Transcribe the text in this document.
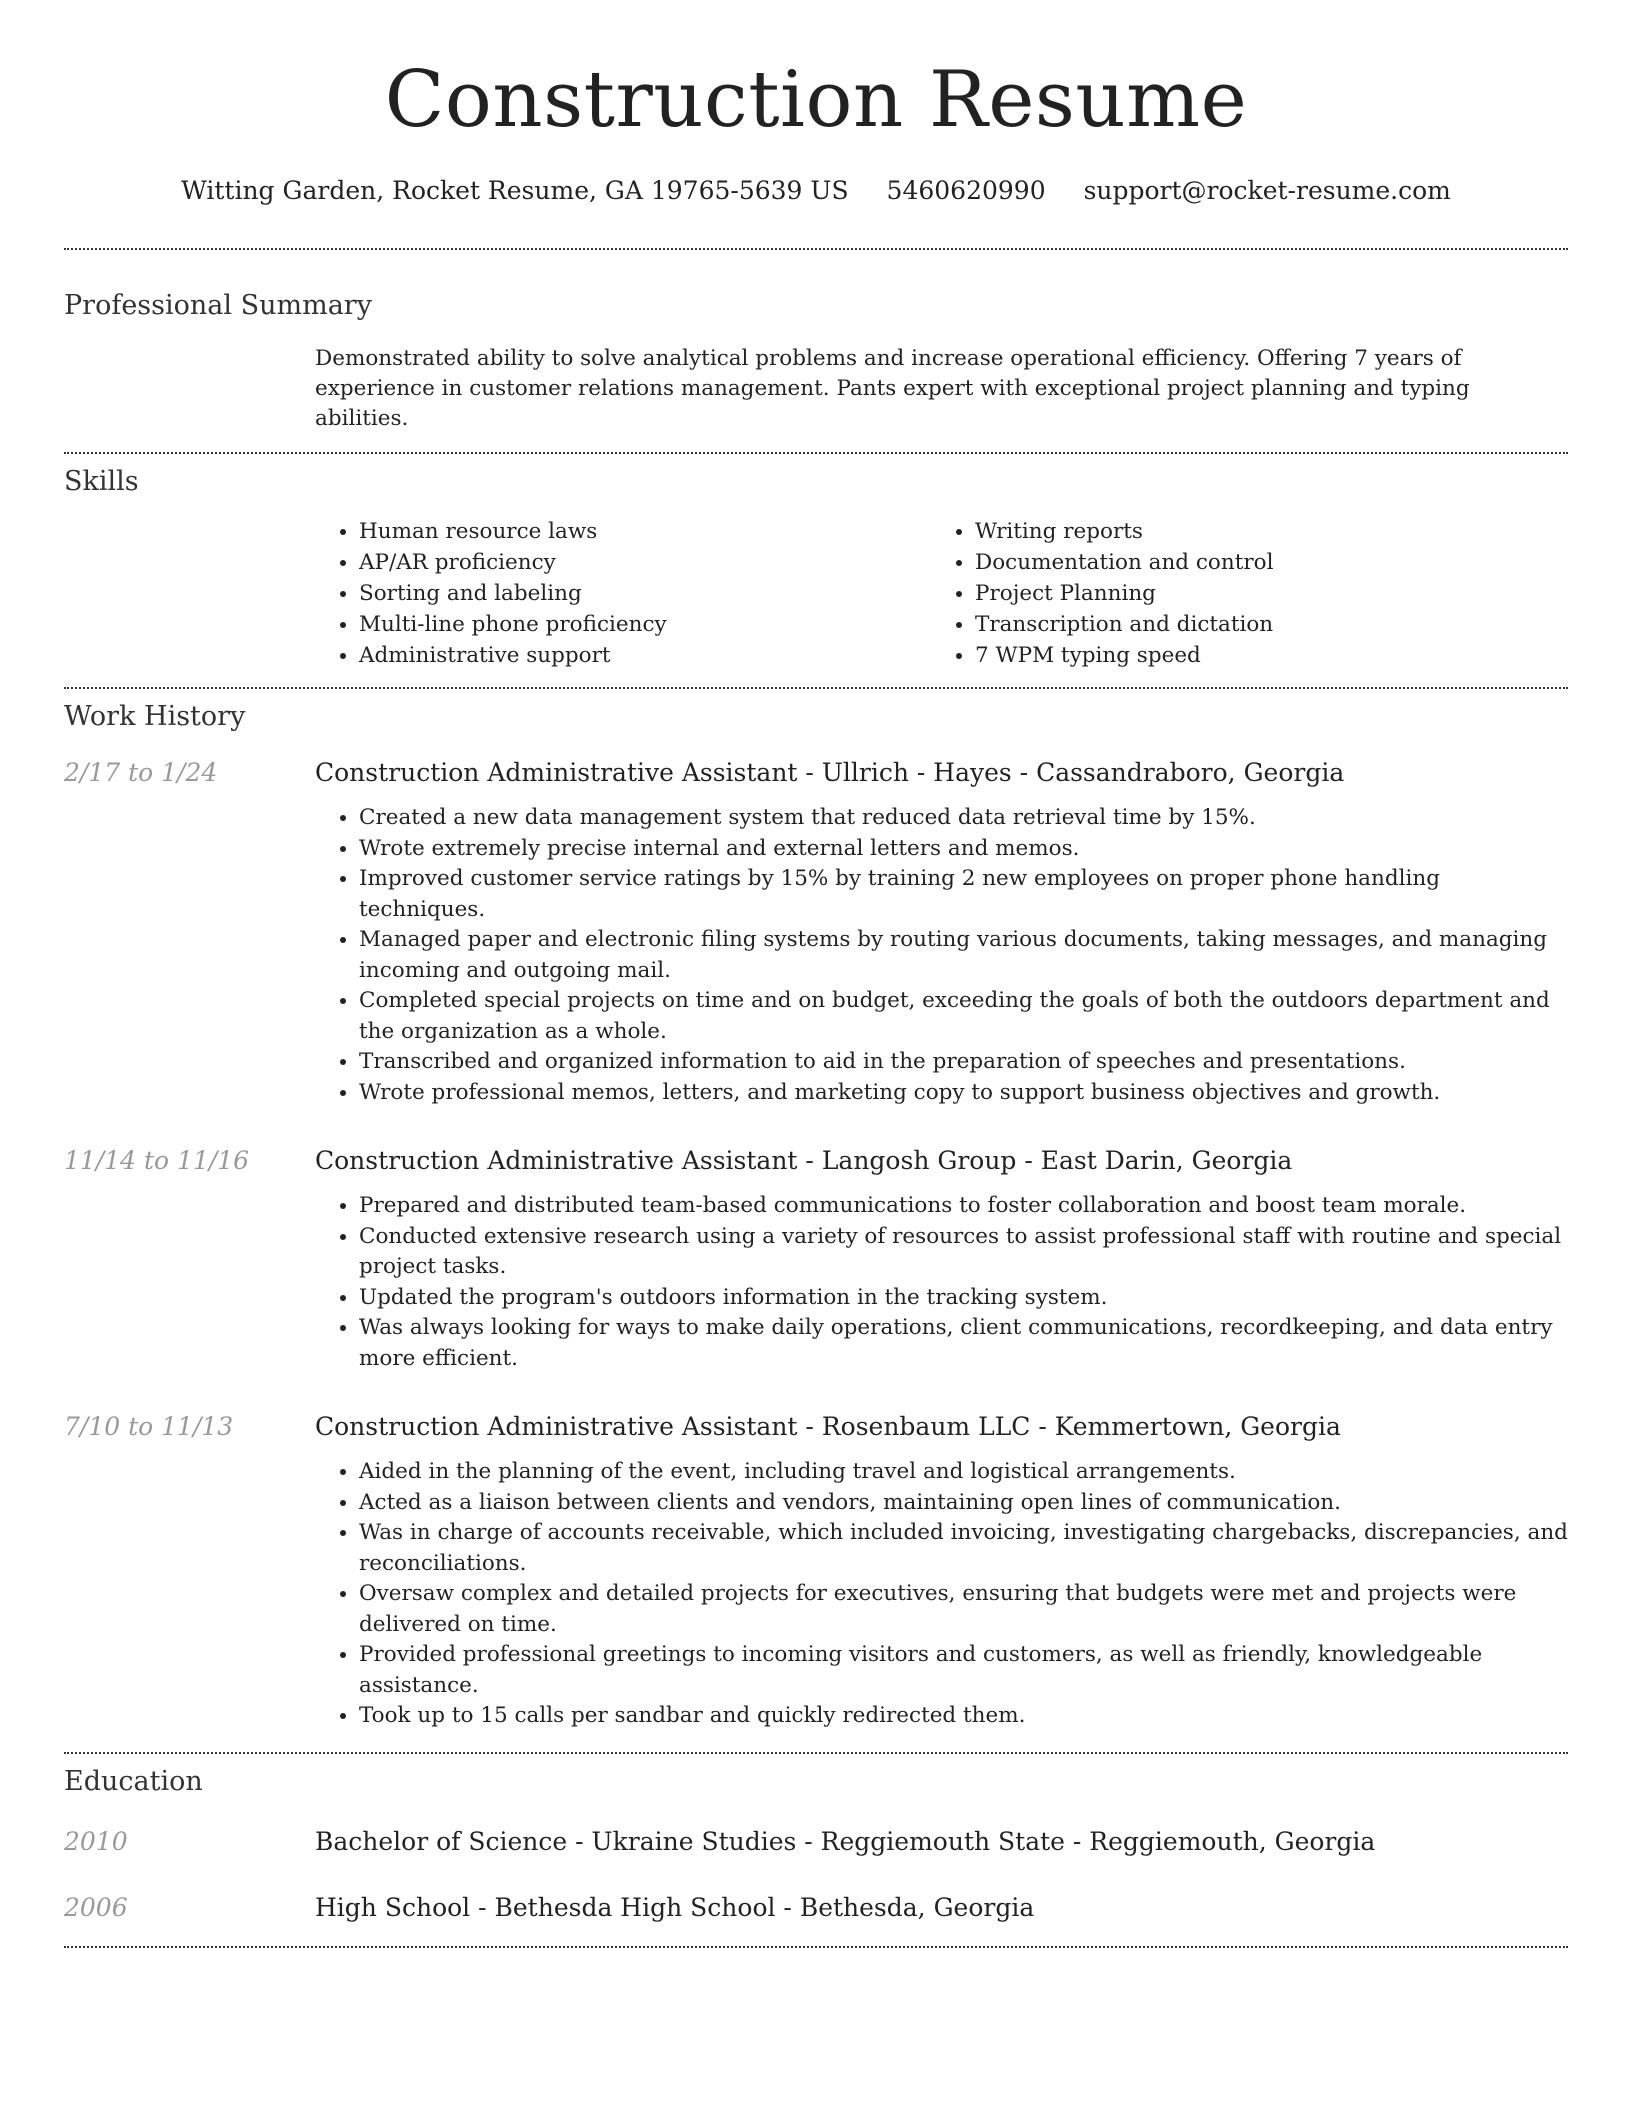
Construction Resume
Witting Garden, Rocket Resume, GA 19765-5639 US 5460620990 support@rocket-resume.com
Professional Summary
Demonstrated ability to solve analytical problems and increase operational efficiency. Offering 7 years of experience in customer relations management. Pants expert with exceptional project planning and typing abilities.
Skills
• Human resource laws
• AP/AR proficiency
• Sorting and labeling
• Multi-line phone proficiency
• Administrative support
• Writing reports
• Documentation and control
• Project Planning
• Transcription and dictation
• 7 WPM typing speed
Work History
2/17 to 1/24	Construction Administrative Assistant - Ullrich - Hayes - Cassandraboro, Georgia
• Created a new data management system that reduced data retrieval time by 15%.
• Wrote extremely precise internal and external letters and memos.
• Improved customer service ratings by 15% by training 2 new employees on proper phone handling techniques.
• Managed paper and electronic filing systems by routing various documents, taking messages, and managing incoming and outgoing mail.
• Completed special projects on time and on budget, exceeding the goals of both the outdoors department and the organization as a whole.
• Transcribed and organized information to aid in the preparation of speeches and presentations.
• Wrote professional memos, letters, and marketing copy to support business objectives and growth.
11/14 to 11/16	Construction Administrative Assistant - Langosh Group - East Darin, Georgia
• Prepared and distributed team-based communications to foster collaboration and boost team morale.
• Conducted extensive research using a variety of resources to assist professional staff with routine and special project tasks.
• Updated the program's outdoors information in the tracking system.
• Was always looking for ways to make daily operations, client communications, recordkeeping, and data entry more efficient.
7/10 to 11/13	Construction Administrative Assistant - Rosenbaum LLC - Kemmertown, Georgia
• Aided in the planning of the event, including travel and logistical arrangements.
• Acted as a liaison between clients and vendors, maintaining open lines of communication.
• Was in charge of accounts receivable, which included invoicing, investigating chargebacks, discrepancies, and reconciliations.
• Oversaw complex and detailed projects for executives, ensuring that budgets were met and projects were delivered on time.
• Provided professional greetings to incoming visitors and customers, as well as friendly, knowledgeable assistance.
• Took up to 15 calls per sandbar and quickly redirected them.
Education
2010	Bachelor of Science - Ukraine Studies - Reggiemouth State - Reggiemouth, Georgia
2006	High School - Bethesda High School - Bethesda, Georgia
